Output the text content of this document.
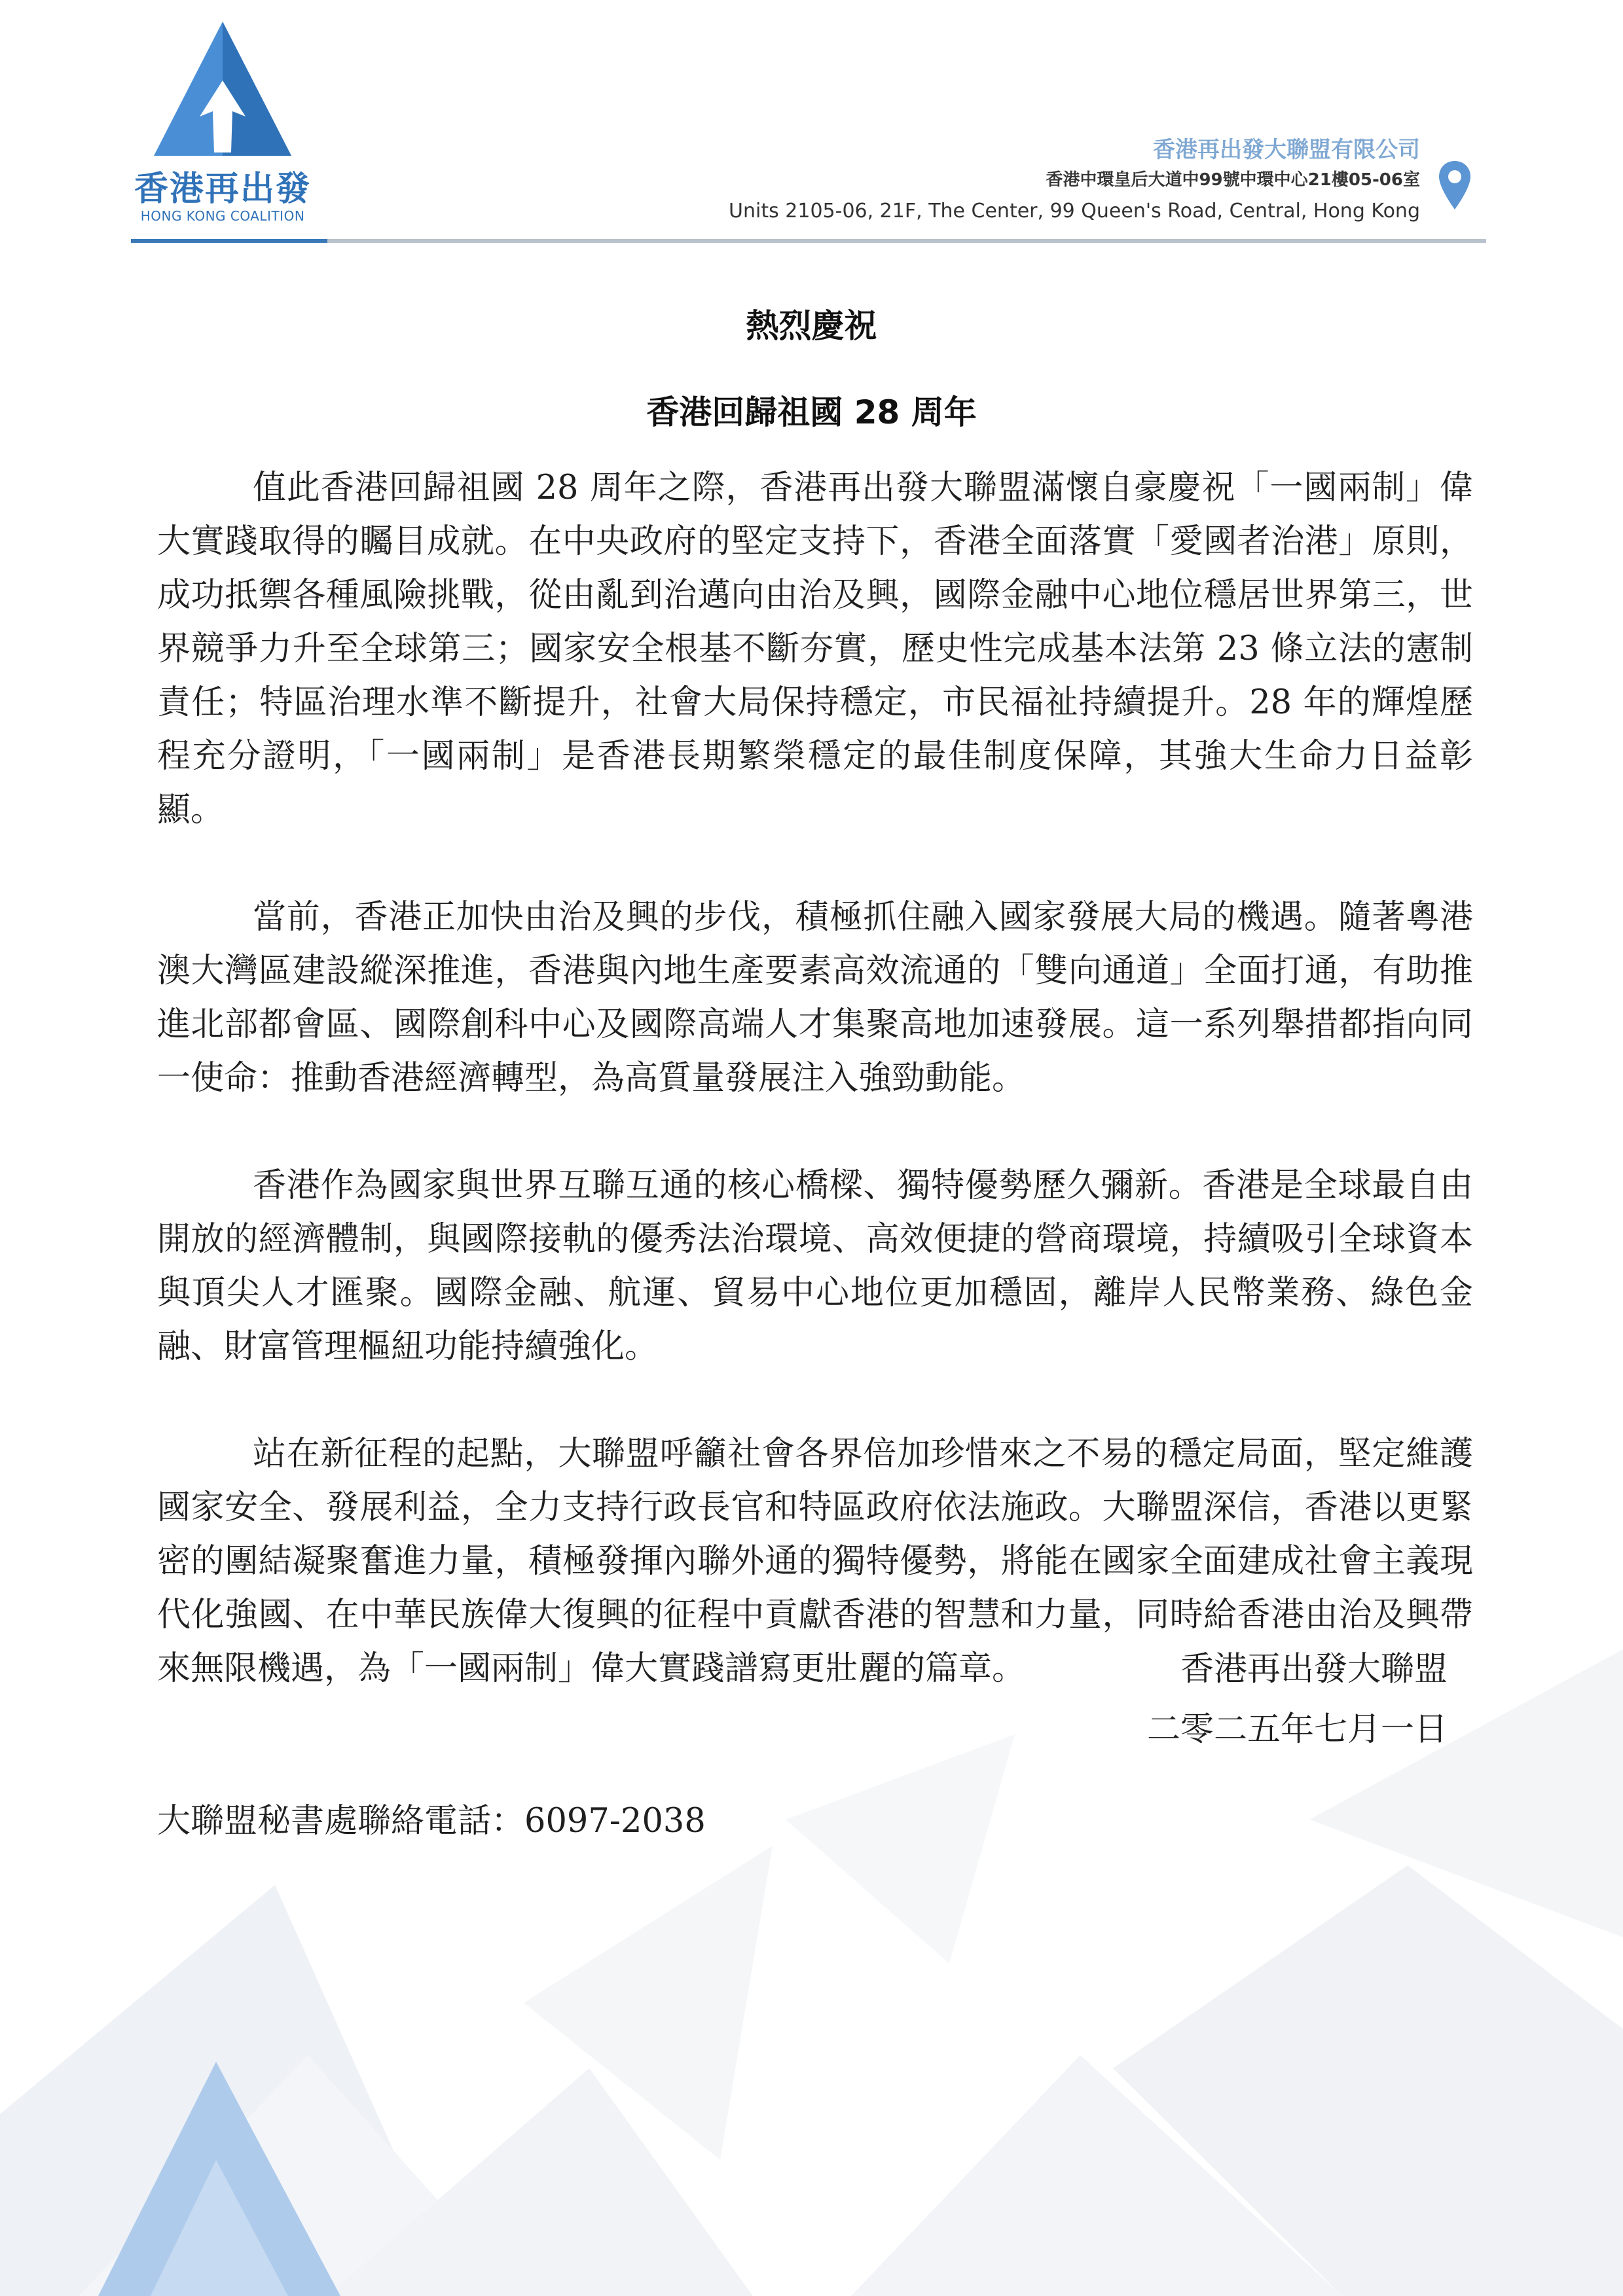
香港再出發
HONG KONG COALITION
香港再出發大聯盟有限公司
香港中環皇后大道中99號中環中心21樓05-06室
Units 2105-06, 21F, The Center, 99 Queen's Road, Central, Hong Kong
熱烈慶祝
香港回歸祖國 28 周年

值此香港回歸祖國 28 周年之際，香港再出發大聯盟滿懷自豪慶祝「一國兩制」偉大實踐取得的矚目成就。在中央政府的堅定支持下，香港全面落實「愛國者治港」原則，成功抵禦各種風險挑戰，從由亂到治邁向由治及興，國際金融中心地位穩居世界第三，世界競爭力升至全球第三；國家安全根基不斷夯實，歷史性完成基本法第 23 條立法的憲制責任；特區治理水準不斷提升，社會大局保持穩定，市民福祉持續提升。28 年的輝煌歷程充分證明，「一國兩制」是香港長期繁榮穩定的最佳制度保障，其強大生命力日益彰顯。

當前，香港正加快由治及興的步伐，積極抓住融入國家發展大局的機遇。隨著粵港澳大灣區建設縱深推進，香港與內地生產要素高效流通的「雙向通道」全面打通，有助推進北部都會區、國際創科中心及國際高端人才集聚高地加速發展。這一系列舉措都指向同一使命：推動香港經濟轉型，為高質量發展注入強勁動能。

香港作為國家與世界互聯互通的核心橋樑、獨特優勢歷久彌新。香港是全球最自由開放的經濟體制，與國際接軌的優秀法治環境、高效便捷的營商環境，持續吸引全球資本與頂尖人才匯聚。國際金融、航運、貿易中心地位更加穩固，離岸人民幣業務、綠色金融、財富管理樞紐功能持續強化。

站在新征程的起點，大聯盟呼籲社會各界倍加珍惜來之不易的穩定局面，堅定維護國家安全、發展利益，全力支持行政長官和特區政府依法施政。大聯盟深信，香港以更緊密的團結凝聚奮進力量，積極發揮內聯外通的獨特優勢，將能在國家全面建成社會主義現代化強國、在中華民族偉大復興的征程中貢獻香港的智慧和力量，同時給香港由治及興帶來無限機遇，為「一國兩制」偉大實踐譜寫更壯麗的篇章。	香港再出發大聯盟
二零二五年七月一日
大聯盟秘書處聯絡電話：6097-2038
